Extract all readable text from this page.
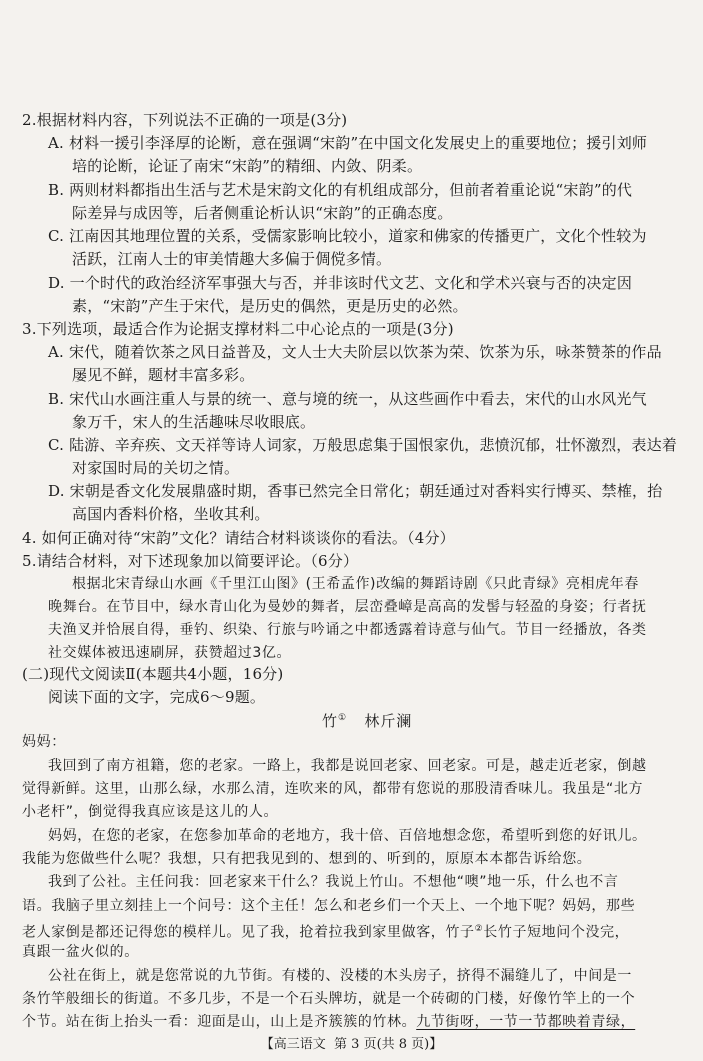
2.根据材料内容，下列说法不正确的一项是(3分)
A. 材料一援引李泽厚的论断，意在强调“宋韵”在中国文化发展史上的重要地位；援引刘师
培的论断，论证了南宋“宋韵”的精细、内敛、阴柔。
B. 两则材料都指出生活与艺术是宋韵文化的有机组成部分，但前者着重论说“宋韵”的代
际差异与成因等，后者侧重论析认识“宋韵”的正确态度。
C. 江南因其地理位置的关系，受儒家影响比较小，道家和佛家的传播更广，文化个性较为
活跃，江南人士的审美情趣大多偏于倜傥多情。
D. 一个时代的政治经济军事强大与否，并非该时代文艺、文化和学术兴衰与否的决定因
素，“宋韵”产生于宋代，是历史的偶然，更是历史的必然。
3.下列选项，最适合作为论据支撑材料二中心论点的一项是(3分)
A. 宋代，随着饮茶之风日益普及，文人士大夫阶层以饮茶为荣、饮茶为乐，咏茶赞茶的作品
屡见不鲜，题材丰富多彩。
B. 宋代山水画注重人与景的统一、意与境的统一，从这些画作中看去，宋代的山水风光气
象万千，宋人的生活趣味尽收眼底。
C. 陆游、辛弃疾、文天祥等诗人词家，万般思虑集于国恨家仇，悲愤沉郁，壮怀激烈，表达着
对家国时局的关切之情。
D. 宋朝是香文化发展鼎盛时期，香事已然完全日常化；朝廷通过对香料实行博买、禁榷，抬
高国内香料价格，坐收其利。
4. 如何正确对待“宋韵”文化？请结合材料谈谈你的看法。（4分）
5.请结合材料，对下述现象加以简要评论。（6分）
根据北宋青绿山水画《千里江山图》(王希孟作)改编的舞蹈诗剧《只此青绿》亮相虎年春
晚舞台。在节目中，绿水青山化为曼妙的舞者，层峦叠嶂是高高的发髻与轻盈的身姿；行者抚
夫渔叉并恰展自得，垂钓、织染、行旅与吟诵之中都透露着诗意与仙气。节目一经播放，各类
社交媒体被迅速刷屏，获赞超过3亿。
(二)现代文阅读Ⅱ(本题共4小题，16分)
阅读下面的文字，完成6～9题。
竹① 林斤澜
妈妈：
我回到了南方祖籍，您的老家。一路上，我都是说回老家、回老家。可是，越走近老家，倒越
觉得新鲜。这里，山那么绿，水那么清，连吹来的风，都带有您说的那股清香味儿。我虽是“北方
小老杆”，倒觉得我真应该是这儿的人。
妈妈，在您的老家，在您参加革命的老地方，我十倍、百倍地想念您，希望听到您的好讯儿。
我能为您做些什么呢？我想，只有把我见到的、想到的、听到的，原原本本都告诉给您。
我到了公社。主任问我：回老家来干什么？我说上竹山。不想他“噢”地一乐，什么也不言
语。我脑子里立刻挂上一个问号：这个主任！怎么和老乡们一个天上、一个地下呢？妈妈，那些
老人家倒是都还记得您的模样儿。见了我，抢着拉我到家里做客，竹子②长竹子短地问个没完，
真跟一盆火似的。
公社在街上，就是您常说的九节街。有楼的、没楼的木头房子，挤得不漏缝儿了，中间是一
条竹竿般细长的街道。不多几步，不是一个石头牌坊，就是一个砖砌的门楼，好像竹竿上的一个
个节。站在街上抬头一看：迎面是山，山上是齐簇簇的竹林。九节街呀，一节一节都映着青绿，
【高三语文 第 3 页(共 8 页)】
